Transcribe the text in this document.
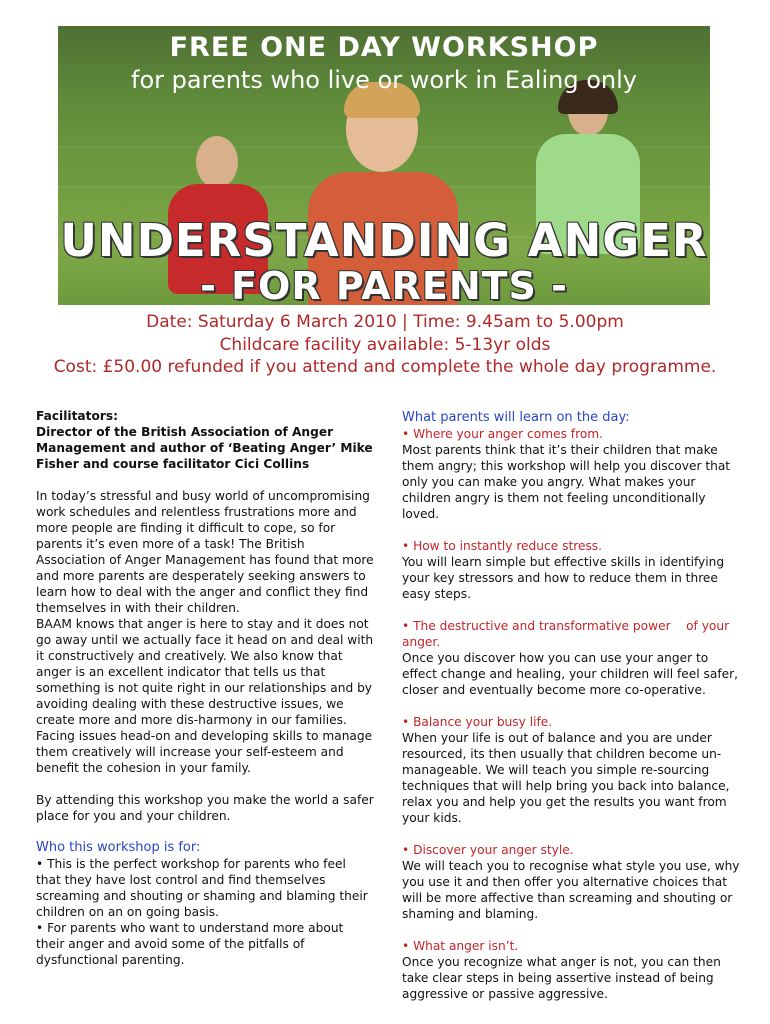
FREE ONE DAY WORKSHOP
for parents who live or work in Ealing only
UNDERSTANDING ANGER
- FOR PARENTS -
Date: Saturday 6 March 2010 | Time: 9.45am to 5.00pm
Childcare facility available: 5-13yr olds
Cost: £50.00 refunded if you attend and complete the whole day programme.

Facilitators:

Director of the British Association of Anger Management and author of ‘Beating Anger’ Mike Fisher and course facilitator Cici Collins

In today’s stressful and busy world of uncompromising work schedules and relentless frustrations more and more people are finding it difficult to cope, so for parents it’s even more of a task! The British Association of Anger Management has found that more and more parents are desperately seeking answers to learn how to deal with the anger and conflict they find themselves in with their children.

BAAM knows that anger is here to stay and it does not go away until we actually face it head on and deal with it constructively and creatively. We also know that anger is an excellent indicator that tells us that something is not quite right in our relationships and by avoiding dealing with these destructive issues, we create more and more dis-harmony in our families. Facing issues head-on and developing skills to manage them creatively will increase your self-esteem and benefit the cohesion in your family.

By attending this workshop you make the world a safer place for you and your children.

Who this workshop is for:

• This is the perfect workshop for parents who feel that they have lost control and find themselves screaming and shouting or shaming and blaming their children on an on going basis.

• For parents who want to understand more about their anger and avoid some of the pitfalls of dysfunctional parenting.

What parents will learn on the day:

• Where your anger comes from.

Most parents think that it’s their children that make them angry; this workshop will help you discover that only you can make you angry. What makes your children angry is them not feeling unconditionally loved.

• How to instantly reduce stress.

You will learn simple but effective skills in identifying your key stressors and how to reduce them in three easy steps.

• The destructive and transformative power    of your anger.

Once you discover how you can use your anger to effect change and healing, your children will feel safer, closer and eventually become more co-operative.

• Balance your busy life.

When your life is out of balance and you are under resourced, its then usually that children become un-manageable. We will teach you simple re-sourcing techniques that will help bring you back into balance, relax you and help you get the results you want from your kids.

• Discover your anger style.

We will teach you to recognise what style you use, why you use it and then offer you alternative choices that will be more affective than screaming and shouting or shaming and blaming.

• What anger isn’t.

Once you recognize what anger is not, you can then take clear steps in being assertive instead of being aggressive or passive aggressive.
